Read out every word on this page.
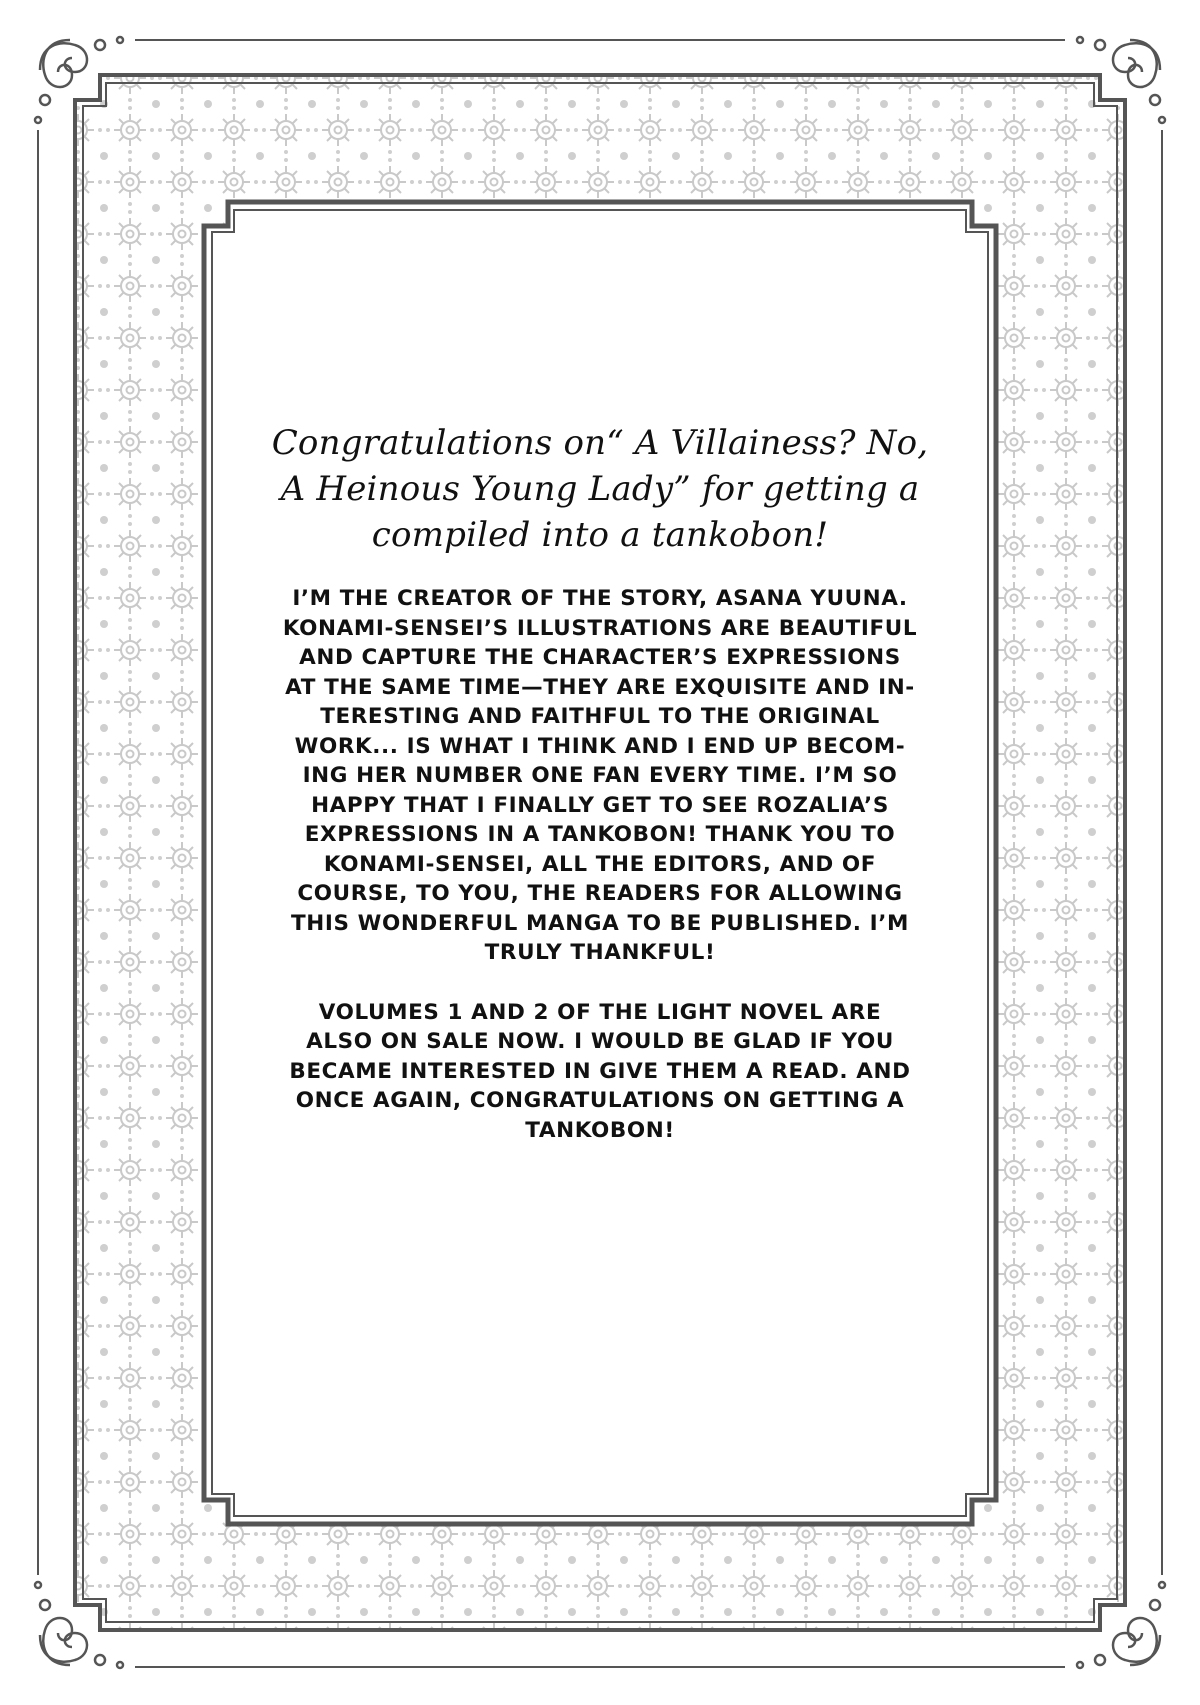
Congratulations on“ A Villainess? No,
A Heinous Young Lady” for getting a
compiled into a tankobon!
I’M THE CREATOR OF THE STORY, ASANA YUUNA.
KONAMI-SENSEI’S ILLUSTRATIONS ARE BEAUTIFUL
AND CAPTURE THE CHARACTER’S EXPRESSIONS
AT THE SAME TIME—THEY ARE EXQUISITE AND IN-
TERESTING AND FAITHFUL TO THE ORIGINAL
WORK... IS WHAT I THINK AND I END UP BECOM-
ING HER NUMBER ONE FAN EVERY TIME. I’M SO
HAPPY THAT I FINALLY GET TO SEE ROZALIA’S
EXPRESSIONS IN A TANKOBON! THANK YOU TO
KONAMI-SENSEI, ALL THE EDITORS, AND OF
COURSE, TO YOU, THE READERS FOR ALLOWING
THIS WONDERFUL MANGA TO BE PUBLISHED. I’M
TRULY THANKFUL!
VOLUMES 1 AND 2 OF THE LIGHT NOVEL ARE
ALSO ON SALE NOW. I WOULD BE GLAD IF YOU
BECAME INTERESTED IN GIVE THEM A READ. AND
ONCE AGAIN, CONGRATULATIONS ON GETTING A
TANKOBON!
